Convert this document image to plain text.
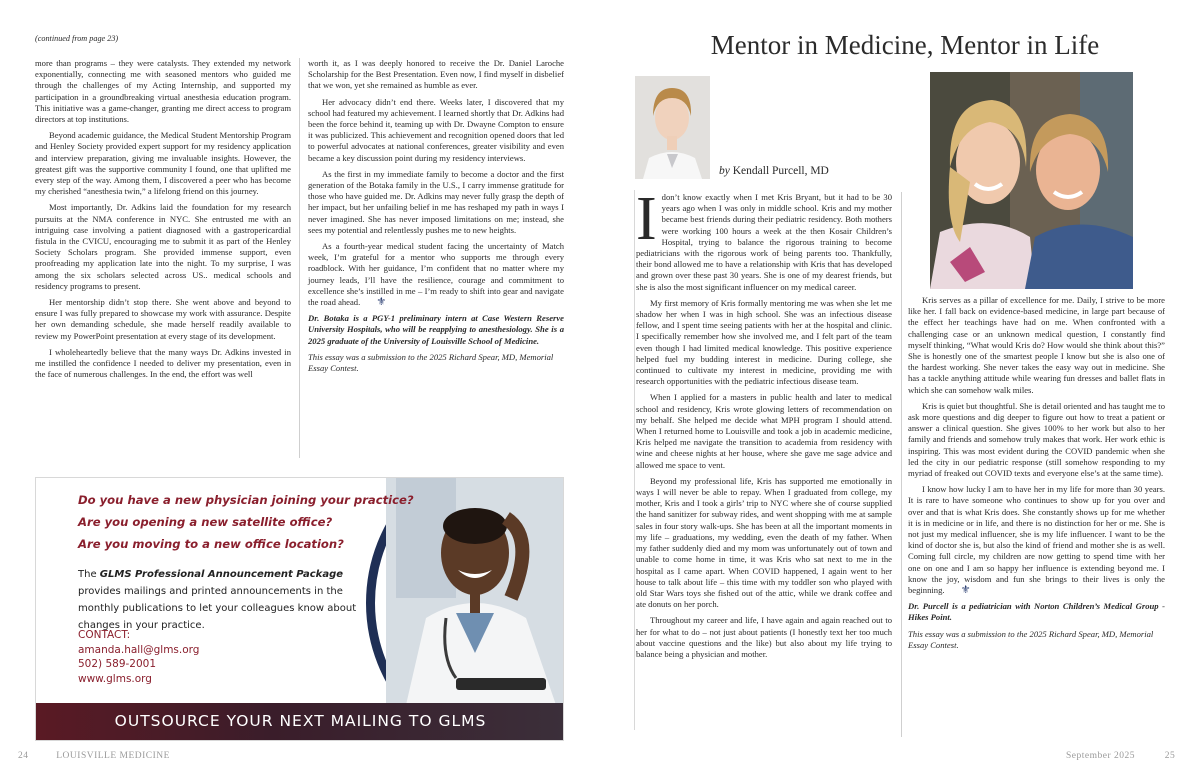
(continued from page 23)

more than programs – they were catalysts. They extended my network exponentially, connecting me with seasoned mentors who guided me through the challenges of my Acting Internship, and supported my participation in a groundbreaking virtual anesthesia education program. This initiative was a game-changer, granting me direct access to program directors at top institutions.

Beyond academic guidance, the Medical Student Mentorship Program and Henley Society provided expert support for my residency application and interview preparation, giving me invaluable insights. However, the greatest gift was the supportive community I found, one that uplifted me every step of the way. Among them, I discovered a peer who has become my cherished “anesthesia twin,” a lifelong friend on this journey.

Most importantly, Dr. Adkins laid the foundation for my research pursuits at the NMA conference in NYC. She entrusted me with an intriguing case involving a patient diagnosed with a gastropericardial fistula in the CVICU, encouraging me to submit it as part of the Henley Society Scholars program. She provided immense support, even proofreading my application late into the night. To my surprise, I was among the six scholars selected across US.. medical schools and residency programs to present.

Her mentorship didn’t stop there. She went above and beyond to ensure I was fully prepared to showcase my work with assurance. Despite her own demanding schedule, she made herself readily available to review my PowerPoint presentation at every stage of its development.

I wholeheartedly believe that the many ways Dr. Adkins invested in me instilled the confidence I needed to deliver my presentation, even in the face of numerous challenges. In the end, the effort was well

worth it, as I was deeply honored to receive the Dr. Daniel Laroche Scholarship for the Best Presentation. Even now, I find myself in disbelief that we won, yet she remained as humble as ever.

Her advocacy didn’t end there. Weeks later, I discovered that my school had featured my achievement. I learned shortly that Dr. Adkins had been the force behind it, teaming up with Dr. Dwayne Compton to ensure it was publicized. This achievement and recognition opened doors that led to powerful advocates at national conferences, greater visibility and even became a key discussion point during my residency interviews.

As the first in my immediate family to become a doctor and the first generation of the Botaka family in the U.S., I carry immense gratitude for those who have guided me. Dr. Adkins may never fully grasp the depth of her impact, but her unfailing belief in me has reshaped my path in ways I never imagined. She has never imposed limitations on me; instead, she sees my potential and relentlessly pushes me to new heights.

As a fourth-year medical student facing the uncertainty of Match week, I’m grateful for a mentor who supports me through every roadblock. With her guidance, I’m confident that no matter where my journey leads, I’ll have the resilience, courage and commitment to excellence she’s instilled in me – I’m ready to shift into gear and navigate the road ahead. ⚜

Dr. Botaka is a PGY-1 preliminary intern at Case Western Reserve University Hospitals, who will be reapplying to anesthesiology. She is a 2025 graduate of the University of Louisville School of Medicine.

This essay was a submission to the 2025 Richard Spear, MD, Memorial Essay Contest.

Do you have a new physician joining your practice?
Are you opening a new satellite office?
Are you moving to a new office location?
The GLMS Professional Announcement Package provides mailings and printed announcements in the monthly publications to let your colleagues know about changes in your practice.
CONTACT:
amanda.hall@glms.org
502) 589-2001
www.glms.org
OUTSOURCE YOUR NEXT MAILING TO GLMS
24	LOUISVILLE MEDICINE
Mentor in Medicine, Mentor in Life
by Kendall Purcell, MD

Idon’t know exactly when I met Kris Bryant, but it had to be 30 years ago when I was only in middle school. Kris and my mother became best friends during their pediatric residency. Both mothers were working 100 hours a week at the then Kosair Children’s Hospital, trying to balance the rigorous training to become pediatricians with the rigorous work of being parents too. Thankfully, their bond allowed me to have a relationship with Kris that has developed and grown over these past 30 years. She is one of my dearest friends, but she is also the most significant influencer on my medical career.

My first memory of Kris formally mentoring me was when she let me shadow her when I was in high school. She was an infectious disease fellow, and I spent time seeing patients with her at the hospital and clinic. I specifically remember how she involved me, and I felt part of the team even though I had limited medical knowledge. This positive experience helped fuel my budding interest in medicine. During college, she continued to cultivate my interest in medicine, providing me with research opportunities with the pediatric infectious disease team.

When I applied for a masters in public health and later to medical school and residency, Kris wrote glowing letters of recommendation on my behalf. She helped me decide what MPH program I should attend. When I returned home to Louisville and took a job in academic medicine, Kris helped me navigate the transition to academia from residency with wine and cheese nights at her house, where she gave me sage advice and allowed me space to vent.

Beyond my professional life, Kris has supported me emotionally in ways I will never be able to repay. When I graduated from college, my mother, Kris and I took a girls’ trip to NYC where she of course supplied the hand sanitizer for subway rides, and went shopping with me at sample sales in four story walk-ups. She has been at all the important moments in my life – graduations, my wedding, even the death of my father. When my father suddenly died and my mom was unfortunately out of town and unable to come home in time, it was Kris who sat next to me in the hospital as I came apart. When COVID happened, I again went to her house to talk about life – this time with my toddler son who played with old Star Wars toys she fished out of the attic, while we drank coffee and ate donuts on her porch.

Throughout my career and life, I have again and again reached out to her for what to do – not just about patients (I honestly text her too much about vaccine questions and the like) but also about my life trying to balance being a physician and mother.

Kris serves as a pillar of excellence for me. Daily, I strive to be more like her. I fall back on evidence-based medicine, in large part because of the effect her teachings have had on me. When confronted with a challenging case or an unknown medical question, I constantly find myself thinking, “What would Kris do? How would she think about this?” She is honestly one of the smartest people I know but she is also one of the hardest working. She never takes the easy way out in medicine. She has a tackle anything attitude while wearing fun dresses and ballet flats in which she can somehow walk miles.

Kris is quiet but thoughtful. She is detail oriented and has taught me to ask more questions and dig deeper to figure out how to treat a patient or answer a clinical question. She gives 100% to her work but also to her family and friends and somehow truly makes that work. Her work ethic is inspiring. This was most evident during the COVID pandemic when she led the city in our pediatric response (still somehow responding to my myriad of freaked out COVID texts and everyone else’s at the same time).

I know how lucky I am to have her in my life for more than 30 years. It is rare to have someone who continues to show up for you over and over and that is what Kris does. She constantly shows up for me whether it is in medicine or in life, and there is no distinction for her or me. She is not just my medical influencer, she is my life influencer. I want to be the kind of doctor she is, but also the kind of friend and mother she is as well. Coming full circle, my children are now getting to spend time with her one on one and I am so happy her influence is extending beyond me. I know the joy, wisdom and fun she brings to their lives is only the beginning. ⚜

Dr. Purcell is a pediatrician with Norton Children’s Medical Group - Hikes Point.

This essay was a submission to the 2025 Richard Spear, MD, Memorial Essay Contest.

September 2025	25
